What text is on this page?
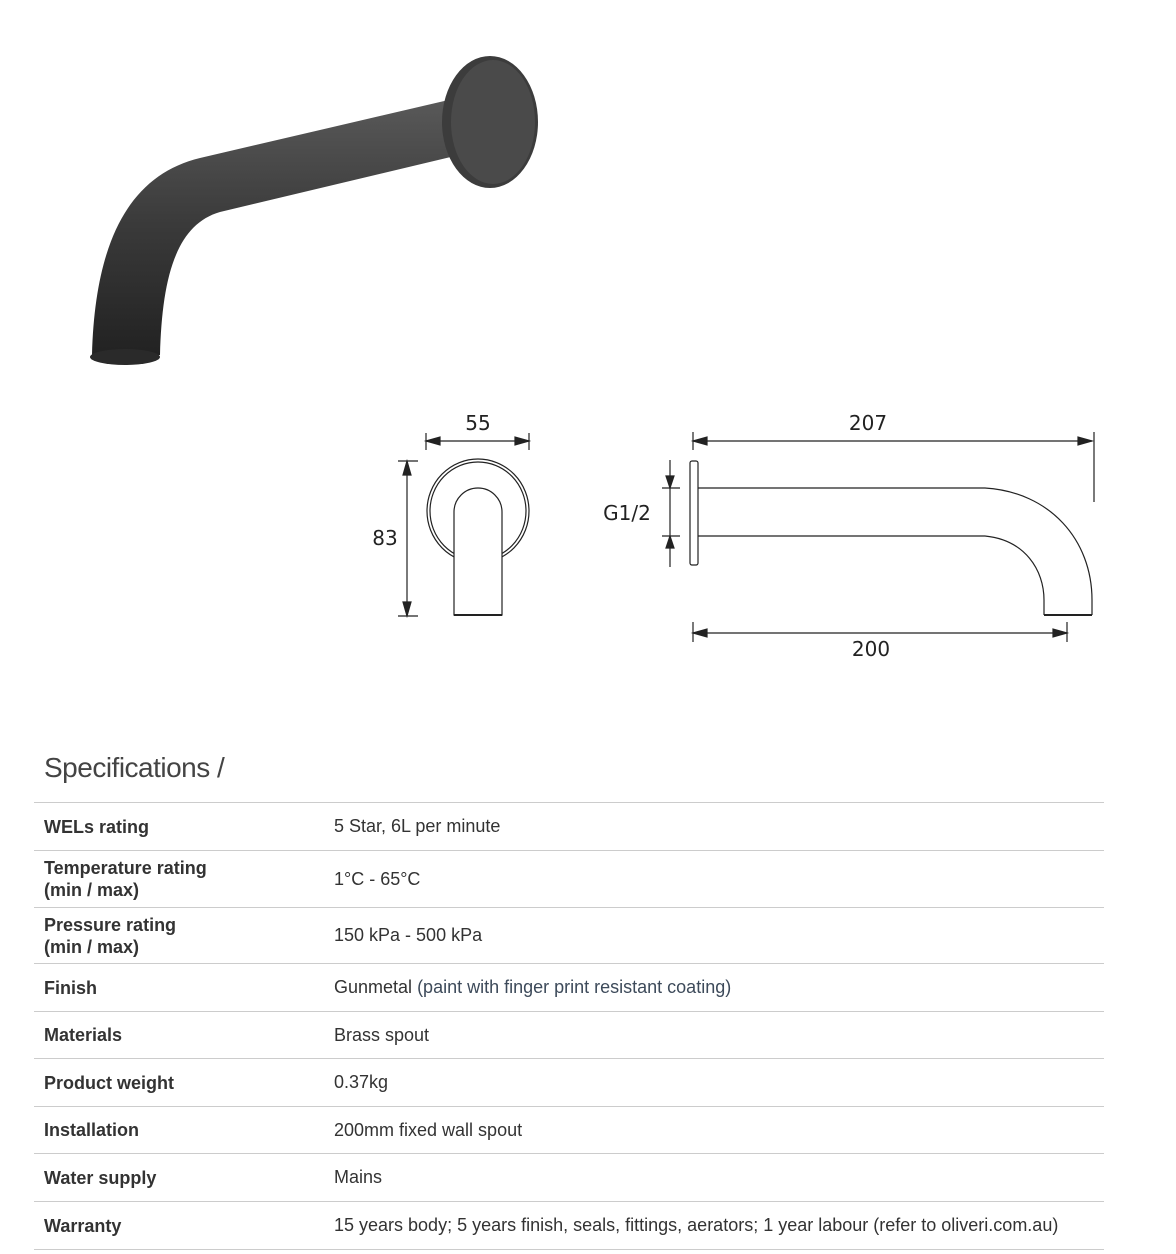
55
83
207
G1/2
200
Specifications /
WELs rating	5 Star, 6L per minute
Temperature rating
(min / max)	1°C - 65°C
Pressure rating
(min / max)	150 kPa - 500 kPa
Finish	Gunmetal (paint with finger print resistant coating)
Materials	Brass spout
Product weight	0.37kg
Installation	200mm fixed wall spout
Water supply	Mains
Warranty	15 years body; 5 years finish, seals, fittings, aerators; 1 year labour (refer to oliveri.com.au)
